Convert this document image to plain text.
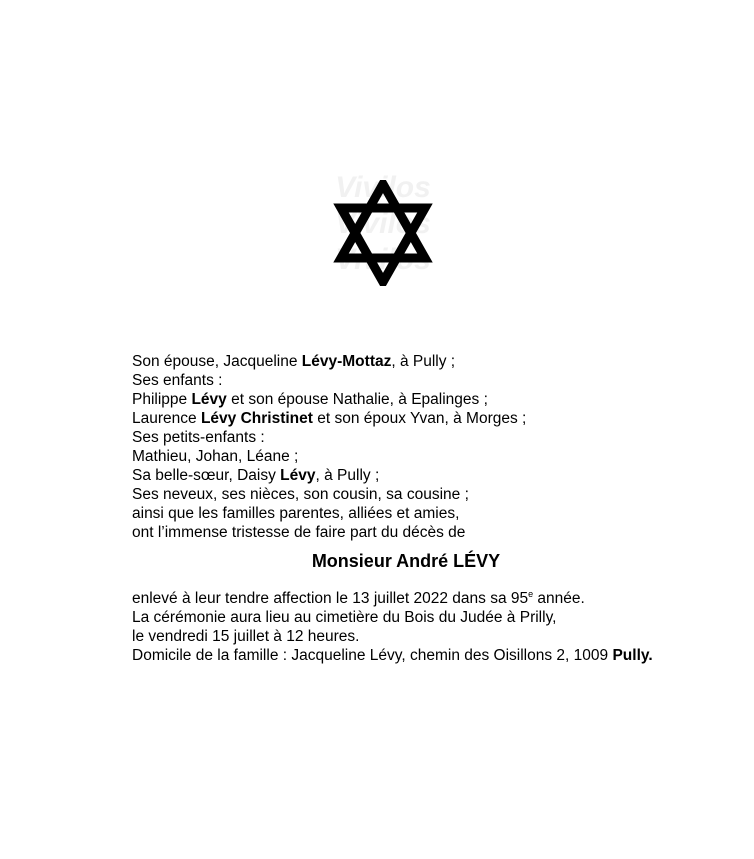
Vivilos
Vivilos
Vivilos
Son épouse, Jacqueline Lévy-Mottaz, à Pully ;
Ses enfants :
Philippe Lévy et son épouse Nathalie, à Epalinges ;
Laurence Lévy Christinet et son époux Yvan, à Morges ;
Ses petits-enfants :
Mathieu, Johan, Léane ;
Sa belle-sœur, Daisy Lévy, à Pully ;
Ses neveux, ses nièces, son cousin, sa cousine ;
ainsi que les familles parentes, alliées et amies,
ont l’immense tristesse de faire part du décès de
Monsieur André LÉVY
enlevé à leur tendre affection le 13 juillet 2022 dans sa 95e année.
La cérémonie aura lieu au cimetière du Bois du Judée à Prilly,
le vendredi 15 juillet à 12 heures.
Domicile de la famille : Jacqueline Lévy, chemin des Oisillons 2, 1009 Pully.
